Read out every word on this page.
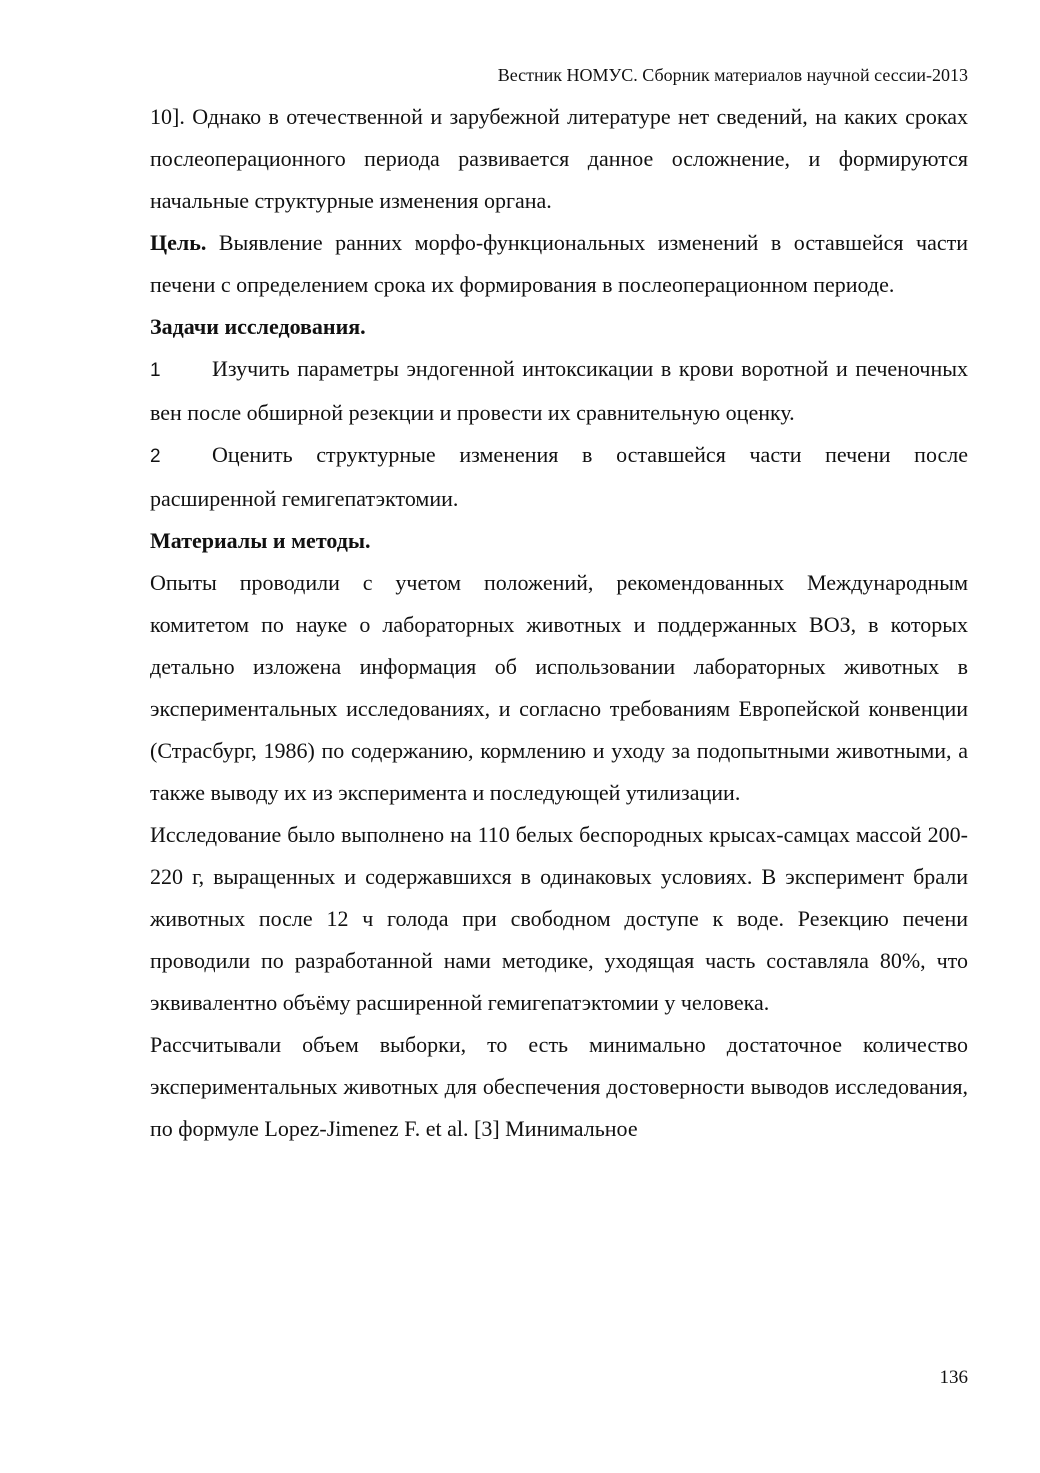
Вестник НОМУС. Сборник материалов научной сессии-2013

10]. Однако в отечественной и зарубежной литературе нет сведений, на каких сроках послеоперационного периода развивается данное осложнение, и формируются начальные структурные изменения органа.

Цель. Выявление ранних морфо-функциональных изменений в оставшейся части печени с определением срока их формирования в послеоперационном периоде.

Задачи исследования.

1 Изучить параметры эндогенной интоксикации в крови воротной и печеночных вен после обширной резекции и провести их сравнительную оценку.

2 Оценить структурные изменения в оставшейся части печени после расширенной гемигепатэктомии.

Материалы и методы.

Опыты проводили с учетом положений, рекомендованных Международным комитетом по науке о лабораторных животных и поддержанных ВОЗ, в которых детально изложена информация об использовании лабораторных животных в экспериментальных исследованиях, и согласно требованиям Европейской конвенции (Страсбург, 1986) по содержанию, кормлению и уходу за подопытными животными, а также выводу их из эксперимента и последующей утилизации.

Исследование было выполнено на 110 белых беспородных крысах-самцах массой 200-220 г, выращенных и содержавшихся в одинаковых условиях. В эксперимент брали животных после 12 ч голода при свободном доступе к воде. Резекцию печени проводили по разработанной нами методике, уходящая часть составляла 80%, что эквивалентно объёму расширенной гемигепатэктомии у человека.

Рассчитывали объем выборки, то есть минимально достаточное количество экспериментальных животных для обеспечения достоверности выводов исследования, по формуле Lopez-Jimenez F. et al. [3] Минимальное

136
